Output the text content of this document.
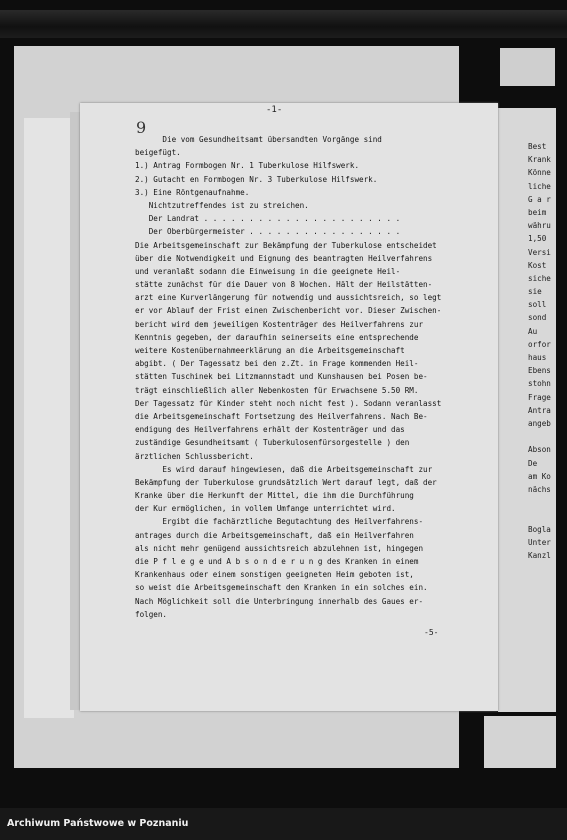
-1-
9
Die vom Gesundheitsamt übersandten Vorgänge sind
beigefügt.
1.) Antrag Formbogen Nr. 1 Tuberkulose Hilfswerk.
2.) Gutacht en Formbogen Nr. 3 Tuberkulose Hilfswerk.
3.) Eine Röntgenaufnahme.
Nichtzutreffendes ist zu streichen.
Der Landrat . . . . . . . . . . . . . . . . . . . . . .
Der Oberbürgermeister . . . . . . . . . . . . . . . . .
Die Arbeitsgemeinschaft zur Bekämpfung der Tuberkulose entscheidet
über die Notwendigkeit und Eignung des beantragten Heilverfahrens
und veranlaßt sodann die Einweisung in die geeignete Heil-
stätte zunächst für die Dauer von 8 Wochen. Hält der Heilstätten-
arzt eine Kurverlängerung für notwendig und aussichtsreich, so legt
er vor Ablauf der Frist einen Zwischenbericht vor. Dieser Zwischen-
bericht wird dem jeweiligen Kostenträger des Heilverfahrens zur
Kenntnis gegeben, der daraufhin seinerseits eine entsprechende
weitere Kostenübernahmeerklärung an die Arbeitsgemeinschaft
abgibt. ( Der Tagessatz bei den z.Zt. in Frage kommenden Heil-
stätten Tuschinek bei Litzmannstadt und Kunshausen bei Posen be-
trägt einschließlich aller Nebenkosten für Erwachsene 5.50 RM.
Der Tagessatz für Kinder steht noch nicht fest ). Sodann veranlasst
die Arbeitsgemeinschaft Fortsetzung des Heilverfahrens. Nach Be-
endigung des Heilverfahrens erhält der Kostenträger und das
zuständige Gesundheitsamt ( Tuberkulosenfürsorgestelle ) den
ärztlichen Schlussbericht.
Es wird darauf hingewiesen, daß die Arbeitsgemeinschaft zur
Bekämpfung der Tuberkulose grundsätzlich Wert darauf legt, daß der
Kranke über die Herkunft der Mittel, die ihm die Durchführung
der Kur ermöglichen, in vollem Umfange unterrichtet wird.
Ergibt die fachärztliche Begutachtung des Heilverfahrens-
antrages durch die Arbeitsgemeinschaft, daß ein Heilverfahren
als nicht mehr genügend aussichtsreich abzulehnen ist, hingegen
die P f l e g e und A b s o n d e r u n g des Kranken in einem
Krankenhaus oder einem sonstigen geeigneten Heim geboten ist,
so weist die Arbeitsgemeinschaft den Kranken in ein solches ein.
Nach Möglichkeit soll die Unterbringung innerhalb des Gaues er-
folgen.
-5-
Best
Krank
Könne
liche
G a r
beim
währu
1,50
Versi
Kost
siche
sie
soll
sond
Au
orfor
haus
Ebens
stohn
Frage
Antra
angeb
Abson
De
am Ko
nächs
Bogla
Unter
Kanzl
Archiwum Państwowe w Poznaniu
